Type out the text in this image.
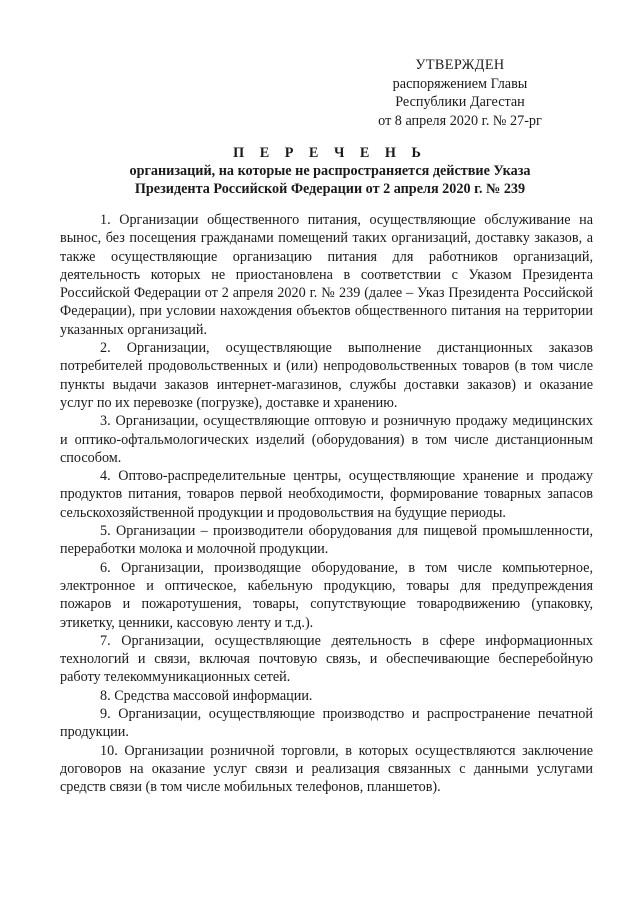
УТВЕРЖДЕН
распоряжением Главы
Республики Дагестан
от 8 апреля 2020 г. № 27-рг
П Е Р Е Ч Е Н Ь
организаций, на которые не распространяется действие Указа
Президента Российской Федерации от 2 апреля 2020 г. № 239

1. Организации общественного питания, осуществляющие обслуживание на вынос, без посещения гражданами помещений таких организаций, доставку заказов, а также осуществляющие организацию питания для работников организаций, деятельность которых не приостановлена в соответствии с Указом Президента Российской Федерации от 2 апреля 2020 г. № 239 (далее – Указ Президента Российской Федерации), при условии нахождения объектов общественного питания на территории указанных организаций.

2. Организации, осуществляющие выполнение дистанционных заказов потребителей продовольственных и (или) непродовольственных товаров (в том числе пункты выдачи заказов интернет-магазинов, службы доставки заказов) и оказание услуг по их перевозке (погрузке), доставке и хранению.

3. Организации, осуществляющие оптовую и розничную продажу медицинских и оптико-офтальмологических изделий (оборудования) в том числе дистанционным способом.

4. Оптово-распределительные центры, осуществляющие хранение и продажу продуктов питания, товаров первой необходимости, формирование товарных запасов сельскохозяйственной продукции и продовольствия на будущие периоды.

5. Организации – производители оборудования для пищевой промышленности, переработки молока и молочной продукции.

6. Организации, производящие оборудование, в том числе компьютерное, электронное и оптическое, кабельную продукцию, товары для предупреждения пожаров и пожаротушения, товары, сопутствующие товародвижению (упаковку, этикетку, ценники, кассовую ленту и т.д.).

7. Организации, осуществляющие деятельность в сфере информационных технологий и связи, включая почтовую связь, и обеспечивающие бесперебойную работу телекоммуникационных сетей.

8. Средства массовой информации.

9. Организации, осуществляющие производство и распространение печатной продукции.

10. Организации розничной торговли, в которых осуществляются заключение договоров на оказание услуг связи и реализация связанных с данными услугами средств связи (в том числе мобильных телефонов, планшетов).
